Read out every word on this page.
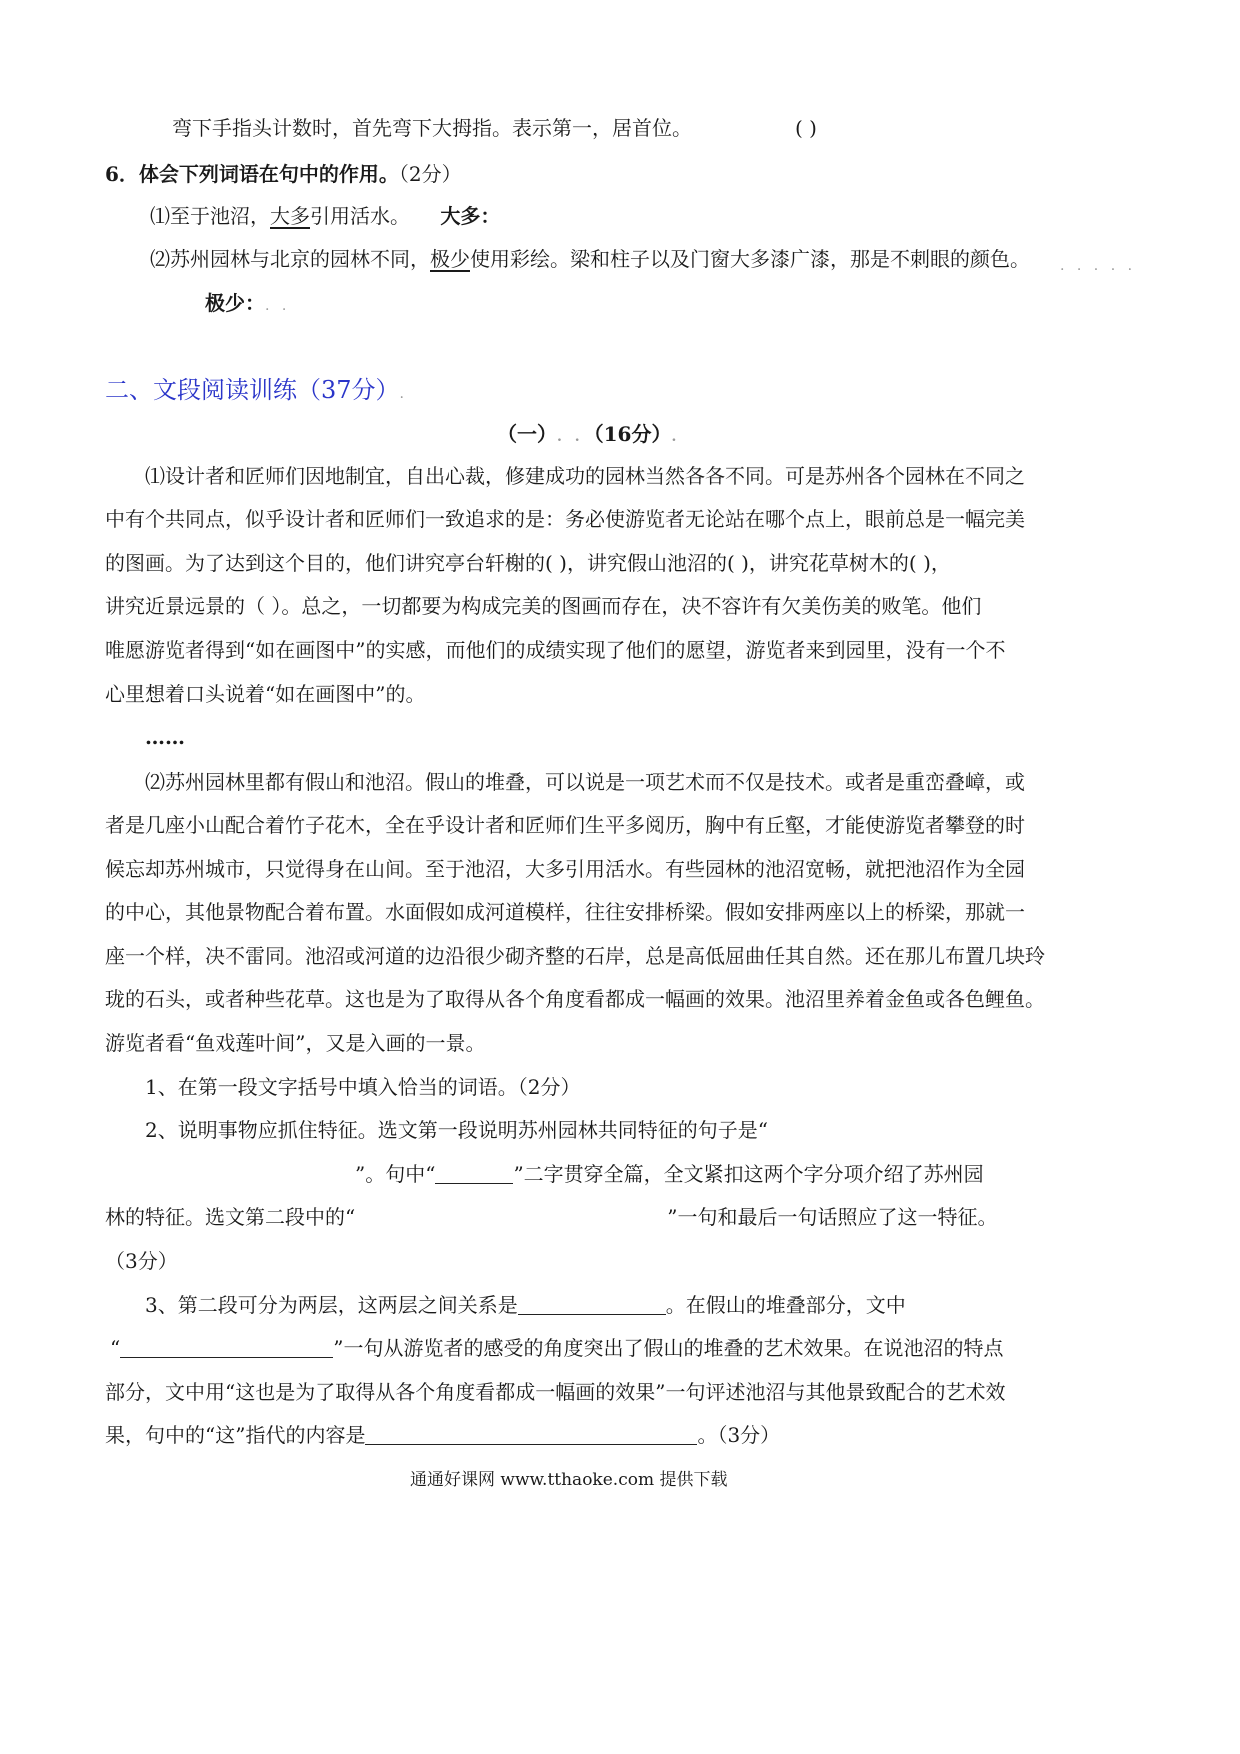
弯下手指头计数时，首先弯下大拇指。表示第一，居首位。	( )
6．体会下列词语在句中的作用。（2分）
⑴至于池沼，大多引用活水。 大多：
⑵苏州园林与北京的园林不同，极少使用彩绘。梁和柱子以及门窗大多漆广漆，那是不刺眼的颜色。 . . . . .
极少：. .
二、文段阅读训练（37分）.
（一）. .（16分）.
⑴设计者和匠师们因地制宜，自出心裁，修建成功的园林当然各各不同。可是苏州各个园林在不同之
中有个共同点，似乎设计者和匠师们一致追求的是：务必使游览者无论站在哪个点上，眼前总是一幅完美
的图画。为了达到这个目的，他们讲究亭台轩榭的( )，讲究假山池沼的( )，讲究花草树木的( )，
讲究近景远景的（ ）。总之，一切都要为构成完美的图画而存在，决不容许有欠美伤美的败笔。他们
唯愿游览者得到“如在画图中”的实感，而他们的成绩实现了他们的愿望，游览者来到园里，没有一个不
心里想着口头说着“如在画图中”的。
……
⑵苏州园林里都有假山和池沼。假山的堆叠，可以说是一项艺术而不仅是技术。或者是重峦叠嶂，或
者是几座小山配合着竹子花木，全在乎设计者和匠师们生平多阅历，胸中有丘壑，才能使游览者攀登的时
候忘却苏州城市，只觉得身在山间。至于池沼，大多引用活水。有些园林的池沼宽畅，就把池沼作为全园
的中心，其他景物配合着布置。水面假如成河道模样，往往安排桥梁。假如安排两座以上的桥梁，那就一
座一个样，决不雷同。池沼或河道的边沿很少砌齐整的石岸，总是高低屈曲任其自然。还在那儿布置几块玲
珑的石头，或者种些花草。这也是为了取得从各个角度看都成一幅画的效果。池沼里养着金鱼或各色鲤鱼。
游览者看“鱼戏莲叶间”，又是入画的一景。
1、在第一段文字括号中填入恰当的词语。（2分）
2、说明事物应抓住特征。选文第一段说明苏州园林共同特征的句子是“
”。句中“	”二字贯穿全篇，全文紧扣这两个字分项介绍了苏州园
林的特征。选文第二段中的“	”一句和最后一句话照应了这一特征。
（3分）
3、第二段可分为两层，这两层之间关系是	。在假山的堆叠部分，文中
“	”一句从游览者的感受的角度突出了假山的堆叠的艺术效果。在说池沼的特点
部分，文中用“这也是为了取得从各个角度看都成一幅画的效果”一句评述池沼与其他景致配合的艺术效
果，句中的“这”指代的内容是	。（3分）
通通好课网 www.tthaoke.com 提供下载
